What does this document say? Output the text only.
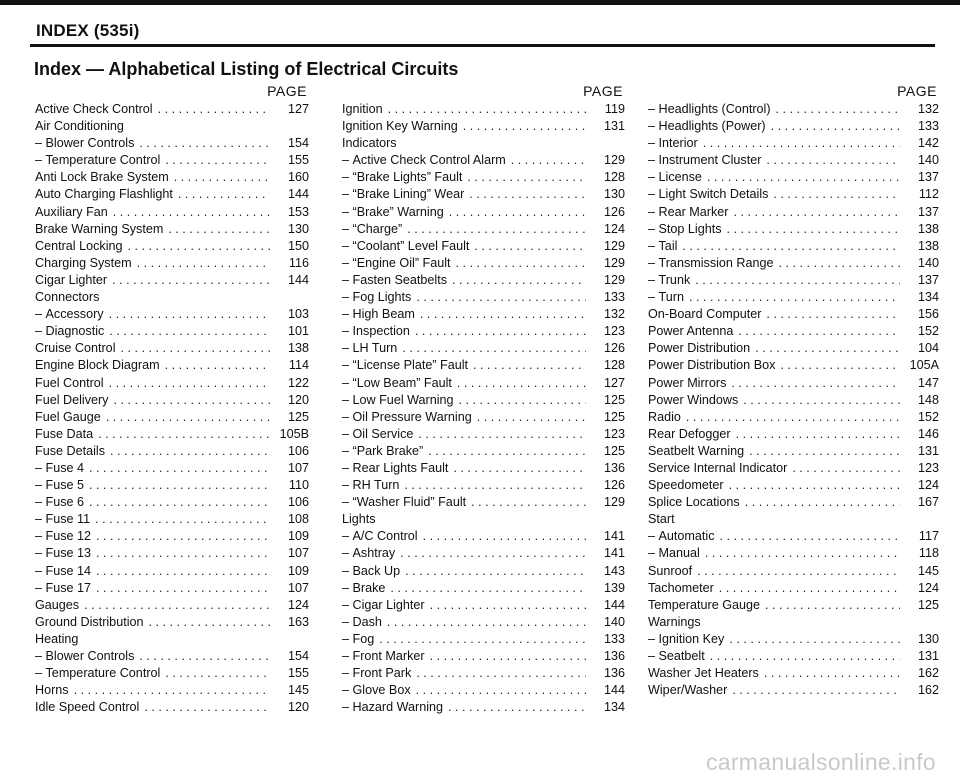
INDEX (535i)
Index — Alphabetical Listing of Electrical Circuits
PAGE
Active Check Control . . .	127
Air Conditioning
– Blower Controls . . .	154
– Temperature Control . . .	155
Anti Lock Brake System . . .	160
Auto Charging Flashlight . . .	144
Auxiliary Fan . . .	153
Brake Warning System . . .	130
Central Locking . . .	150
Charging System . . .	116
Cigar Lighter . . .	144
Connectors
– Accessory . . .	103
– Diagnostic . . .	101
Cruise Control . . .	138
Engine Block Diagram . . .	114
Fuel Control . . .	122
Fuel Delivery . . .	120
Fuel Gauge . . .	125
Fuse Data . . .	105B
Fuse Details . . .	106
– Fuse 4 . . .	107
– Fuse 5 . . .	110
– Fuse 6 . . .	106
– Fuse 11 . . .	108
– Fuse 12 . . .	109
– Fuse 13 . . .	107
– Fuse 14 . . .	109
– Fuse 17 . . .	107
Gauges . . .	124
Ground Distribution . . .	163
Heating
– Blower Controls . . .	154
– Temperature Control . . .	155
Horns . . .	145
Idle Speed Control . . .	120
PAGE
Ignition . . .	119
Ignition Key Warning . . .	131
Indicators
– Active Check Control Alarm . . .	129
– “Brake Lights” Fault . . .	128
– “Brake Lining” Wear . . .	130
– “Brake” Warning . . .	126
– “Charge” . . .	124
– “Coolant” Level Fault . . .	129
– “Engine Oil” Fault . . .	129
– Fasten Seatbelts . . .	129
– Fog Lights . . .	133
– High Beam . . .	132
– Inspection . . .	123
– LH Turn . . .	126
– “License Plate” Fault . . .	128
– “Low Beam” Fault . . .	127
– Low Fuel Warning . . .	125
– Oil Pressure Warning . . .	125
– Oil Service . . .	123
– “Park Brake” . . .	125
– Rear Lights Fault . . .	136
– RH Turn . . .	126
– “Washer Fluid” Fault . . .	129
Lights
– A/C Control . . .	141
– Ashtray . . .	141
– Back Up . . .	143
– Brake . . .	139
– Cigar Lighter . . .	144
– Dash . . .	140
– Fog . . .	133
– Front Marker . . .	136
– Front Park . . .	136
– Glove Box . . .	144
– Hazard Warning . . .	134
PAGE
– Headlights (Control) . . .	132
– Headlights (Power) . . .	133
– Interior . . .	142
– Instrument Cluster . . .	140
– License . . .	137
– Light Switch Details . . .	112
– Rear Marker . . .	137
– Stop Lights . . .	138
– Tail . . .	138
– Transmission Range . . .	140
– Trunk . . .	137
– Turn . . .	134
On-Board Computer . . .	156
Power Antenna . . .	152
Power Distribution . . .	104
Power Distribution Box . . .	105A
Power Mirrors . . .	147
Power Windows . . .	148
Radio . . .	152
Rear Defogger . . .	146
Seatbelt Warning . . .	131
Service Internal Indicator . . .	123
Speedometer . . .	124
Splice Locations . . .	167
Start
– Automatic . . .	117
– Manual . . .	118
Sunroof . . .	145
Tachometer . . .	124
Temperature Gauge . . .	125
Warnings
– Ignition Key . . .	130
– Seatbelt . . .	131
Washer Jet Heaters . . .	162
Wiper/Washer . . .	162
carmanualsonline.info
